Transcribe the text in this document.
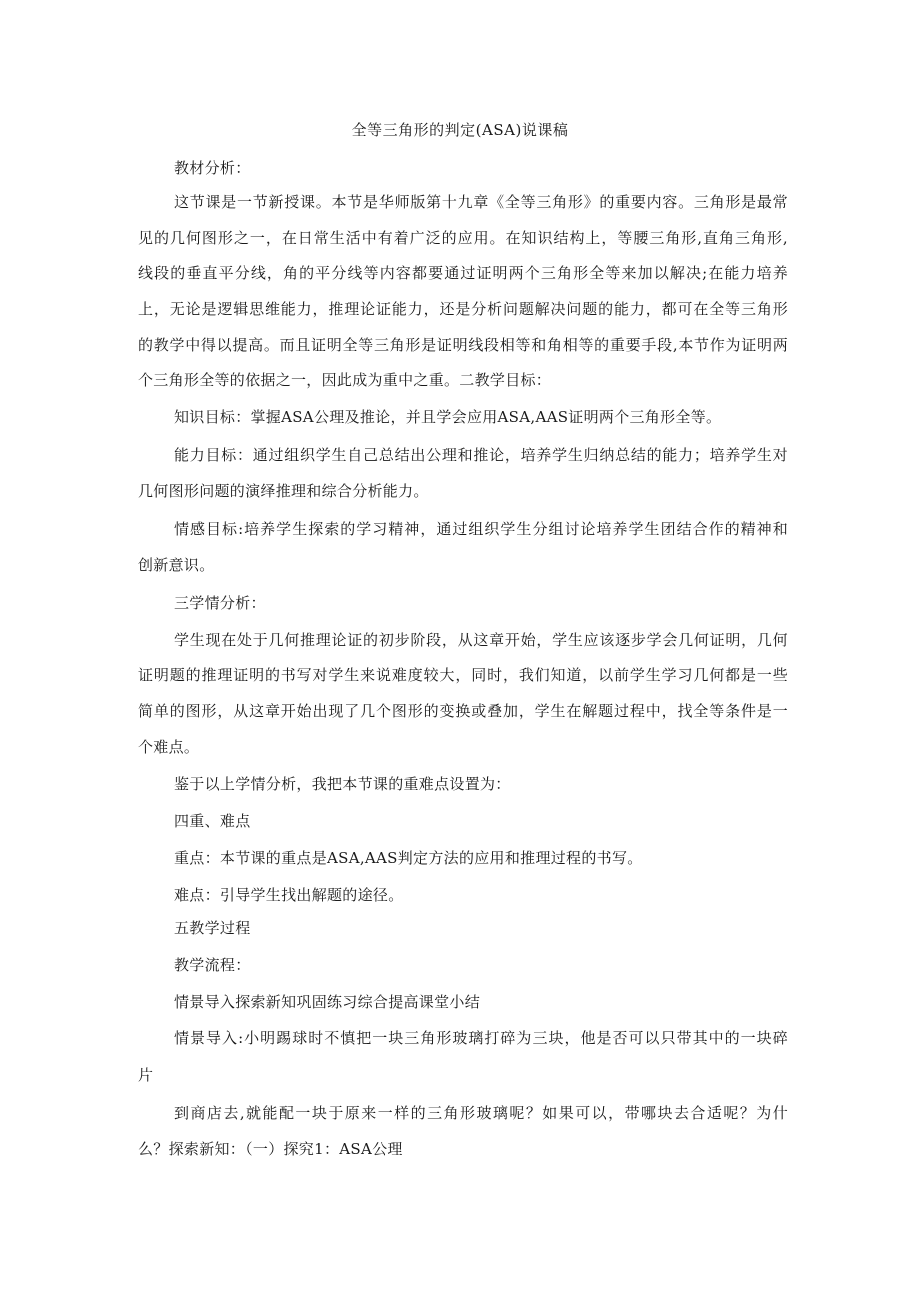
全等三角形的判定(ASA)说课稿
教材分析：
这节课是一节新授课。本节是华师版第十九章《全等三角形》的重要内容。三角形是最常
见的几何图形之一，在日常生活中有着广泛的应用。在知识结构上，等腰三角形,直角三角形,
线段的垂直平分线，角的平分线等内容都要通过证明两个三角形全等来加以解决;在能力培养
上，无论是逻辑思维能力，推理论证能力，还是分析问题解决问题的能力，都可在全等三角形
的教学中得以提高。而且证明全等三角形是证明线段相等和角相等的重要手段,本节作为证明两
个三角形全等的依据之一，因此成为重中之重。二教学目标：
知识目标：掌握ASA公理及推论，并且学会应用ASA,AAS证明两个三角形全等。
能力目标：通过组织学生自己总结出公理和推论，培养学生归纳总结的能力；培养学生对
几何图形问题的演绎推理和综合分析能力。
情感目标:培养学生探索的学习精神，通过组织学生分组讨论培养学生团结合作的精神和
创新意识。
三学情分析：
学生现在处于几何推理论证的初步阶段，从这章开始，学生应该逐步学会几何证明，几何
证明题的推理证明的书写对学生来说难度较大，同时，我们知道，以前学生学习几何都是一些
简单的图形，从这章开始出现了几个图形的变换或叠加，学生在解题过程中，找全等条件是一
个难点。
鉴于以上学情分析，我把本节课的重难点设置为：
四重、难点
重点：本节课的重点是ASA,AAS判定方法的应用和推理过程的书写。
难点：引导学生找出解题的途径。
五教学过程
教学流程：
情景导入探索新知巩固练习综合提高课堂小结
情景导入:小明踢球时不慎把一块三角形玻璃打碎为三块，他是否可以只带其中的一块碎
片
到商店去,就能配一块于原来一样的三角形玻璃呢？如果可以，带哪块去合适呢？为什
么？探索新知：（一）探究1：ASA公理
